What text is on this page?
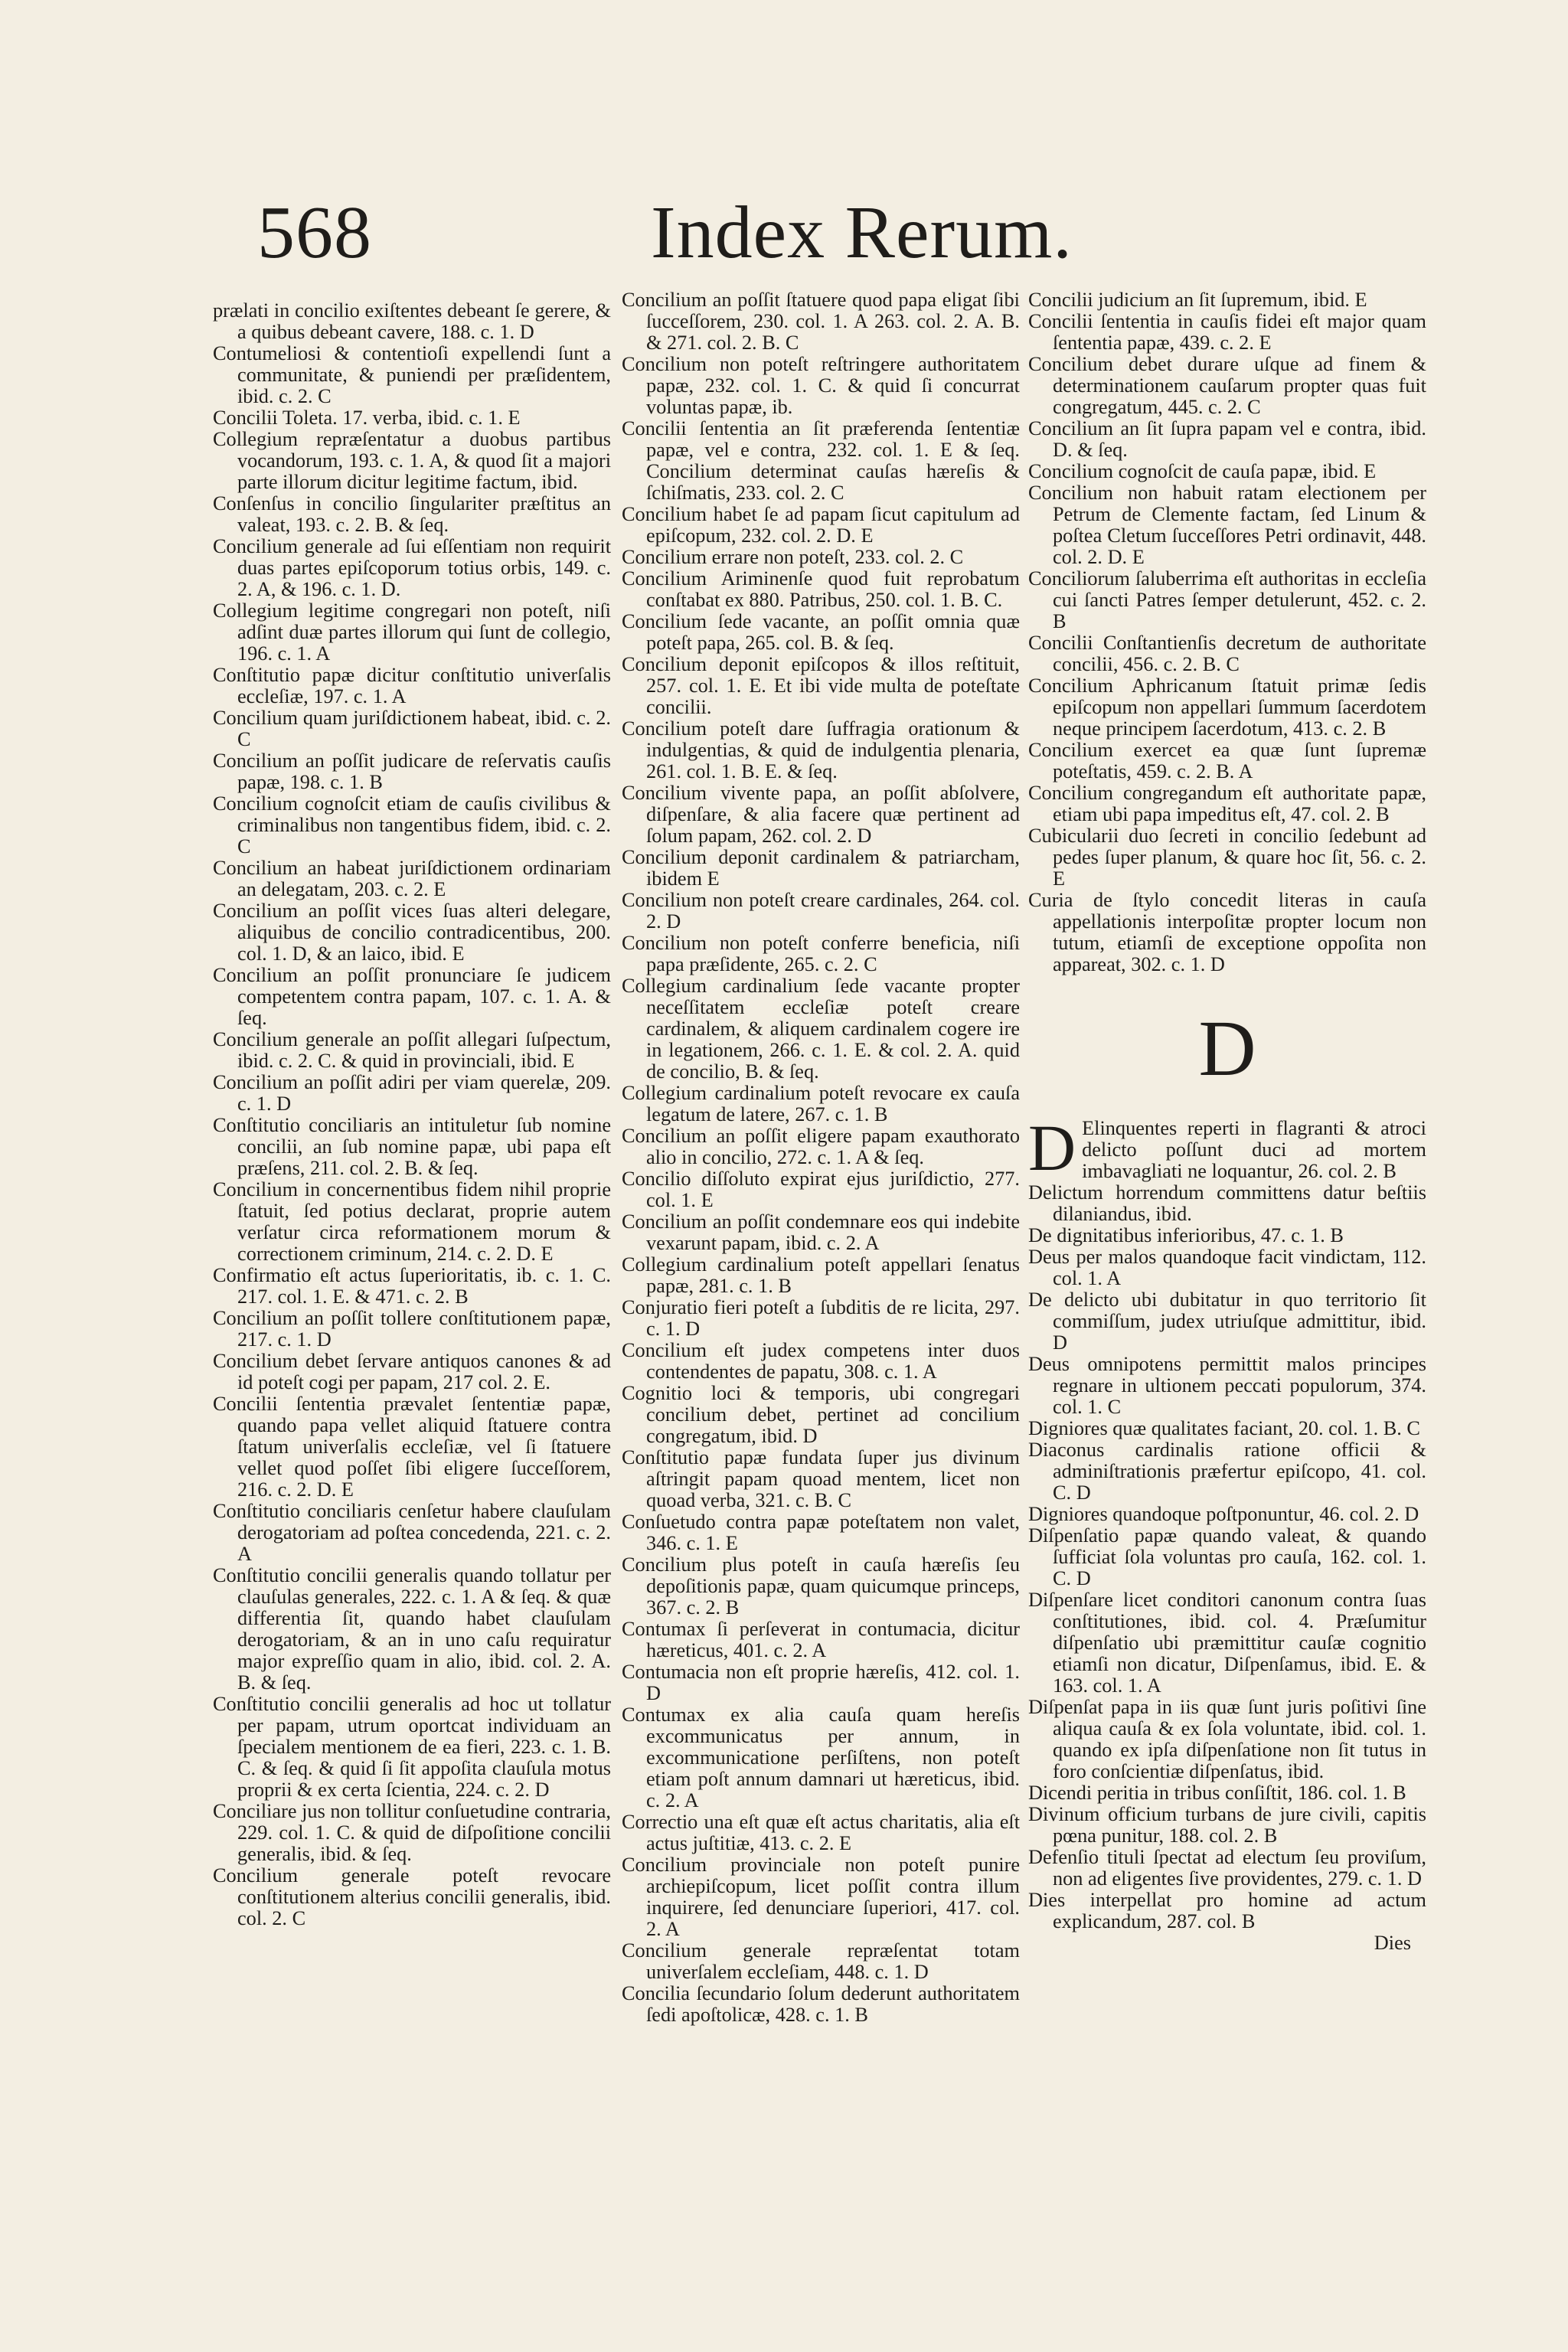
568	Index Rerum.

prælati in concilio exiſtentes debeant ſe gerere, & a quibus debeant cavere, 188. c. 1. D

Contumeliosi & contentioſi expellendi ſunt a communitate, & puniendi per præſidentem, ibid. c. 2. C

Concilii Toleta. 17. verba, ibid. c. 1. E

Collegium repræſentatur a duobus partibus vocandorum, 193. c. 1. A, & quod ſit a majori parte illorum dicitur legitime factum, ibid.

Conſenſus in concilio ſingulariter præſtitus an valeat, 193. c. 2. B. & ſeq.

Concilium generale ad ſui eſſentiam non requirit duas partes epiſcoporum totius orbis, 149. c. 2. A, & 196. c. 1. D.

Collegium legitime congregari non poteſt, niſi adſint duæ partes illorum qui ſunt de collegio, 196. c. 1. A

Conſtitutio papæ dicitur conſtitutio univerſalis eccleſiæ, 197. c. 1. A

Concilium quam juriſdictionem habeat, ibid. c. 2. C

Concilium an poſſit judicare de reſervatis cauſis papæ, 198. c. 1. B

Concilium cognoſcit etiam de cauſis civilibus & criminalibus non tangentibus fidem, ibid. c. 2. C

Concilium an habeat juriſdictionem ordinariam an delegatam, 203. c. 2. E

Concilium an poſſit vices ſuas alteri delegare, aliquibus de concilio contradicentibus, 200. col. 1. D, & an laico, ibid. E

Concilium an poſſit pronunciare ſe judicem competentem contra papam, 107. c. 1. A. & ſeq.

Concilium generale an poſſit allegari ſuſpectum, ibid. c. 2. C. & quid in provinciali, ibid. E

Concilium an poſſit adiri per viam querelæ, 209. c. 1. D

Conſtitutio conciliaris an intituletur ſub nomine concilii, an ſub nomine papæ, ubi papa eſt præſens, 211. col. 2. B. & ſeq.

Concilium in concernentibus fidem nihil proprie ſtatuit, ſed potius declarat, proprie autem verſatur circa reformationem morum & correctionem criminum, 214. c. 2. D. E

Confirmatio eſt actus ſuperioritatis, ib. c. 1. C. 217. col. 1. E. & 471. c. 2. B

Concilium an poſſit tollere conſtitutionem papæ, 217. c. 1. D

Concilium debet ſervare antiquos canones & ad id poteſt cogi per papam, 217 col. 2. E.

Concilii ſententia prævalet ſententiæ papæ, quando papa vellet aliquid ſtatuere contra ſtatum univerſalis eccleſiæ, vel ſi ſtatuere vellet quod poſſet ſibi eligere ſucceſſorem, 216. c. 2. D. E

Conſtitutio conciliaris cenſetur habere clauſulam derogatoriam ad poſtea concedenda, 221. c. 2. A

Conſtitutio concilii generalis quando tollatur per clauſulas generales, 222. c. 1. A & ſeq. & quæ differentia ſit, quando habet clauſulam derogatoriam, & an in uno caſu requiratur major expreſſio quam in alio, ibid. col. 2. A. B. & ſeq.

Conſtitutio concilii generalis ad hoc ut tollatur per papam, utrum oportcat individuam an ſpecialem mentionem de ea fieri, 223. c. 1. B. C. & ſeq. & quid ſi ſit appoſita clauſula motus proprii & ex certa ſcientia, 224. c. 2. D

Conciliare jus non tollitur conſuetudine contraria, 229. col. 1. C. & quid de diſpoſitione concilii generalis, ibid. & ſeq.

Concilium generale poteſt revocare conſtitutionem alterius concilii generalis, ibid. col. 2. C

Concilium an poſſit ſtatuere quod papa eligat ſibi ſucceſſorem, 230. col. 1. A 263. col. 2. A. B. & 271. col. 2. B. C

Concilium non poteſt reſtringere authoritatem papæ, 232. col. 1. C. & quid ſi concurrat voluntas papæ, ib.

Concilii ſententia an ſit præferenda ſententiæ papæ, vel e contra, 232. col. 1. E & ſeq. Concilium determinat cauſas hæreſis & ſchiſmatis, 233. col. 2. C

Concilium habet ſe ad papam ſicut capitulum ad epiſcopum, 232. col. 2. D. E

Concilium errare non poteſt, 233. col. 2. C

Concilium Ariminenſe quod fuit reprobatum conſtabat ex 880. Patribus, 250. col. 1. B. C.

Concilium ſede vacante, an poſſit omnia quæ poteſt papa, 265. col. B. & ſeq.

Concilium deponit epiſcopos & illos reſtituit, 257. col. 1. E. Et ibi vide multa de poteſtate concilii.

Concilium poteſt dare ſuffragia orationum & indulgentias, & quid de indulgentia plenaria, 261. col. 1. B. E. & ſeq.

Concilium vivente papa, an poſſit abſolvere, diſpenſare, & alia facere quæ pertinent ad ſolum papam, 262. col. 2. D

Concilium deponit cardinalem & patriarcham, ibidem E

Concilium non poteſt creare cardinales, 264. col. 2. D

Concilium non poteſt conferre beneficia, niſi papa præſidente, 265. c. 2. C

Collegium cardinalium ſede vacante propter neceſſitatem eccleſiæ poteſt creare cardinalem, & aliquem cardinalem cogere ire in legationem, 266. c. 1. E. & col. 2. A. quid de concilio, B. & ſeq.

Collegium cardinalium poteſt revocare ex cauſa legatum de latere, 267. c. 1. B

Concilium an poſſit eligere papam exauthorato alio in concilio, 272. c. 1. A & ſeq.

Concilio diſſoluto expirat ejus juriſdictio, 277. col. 1. E

Concilium an poſſit condemnare eos qui indebite vexarunt papam, ibid. c. 2. A

Collegium cardinalium poteſt appellari ſenatus papæ, 281. c. 1. B

Conjuratio fieri poteſt a ſubditis de re licita, 297. c. 1. D

Concilium eſt judex competens inter duos contendentes de papatu, 308. c. 1. A

Cognitio loci & temporis, ubi congregari concilium debet, pertinet ad concilium congregatum, ibid. D

Conſtitutio papæ fundata ſuper jus divinum aſtringit papam quoad mentem, licet non quoad verba, 321. c. B. C

Conſuetudo contra papæ poteſtatem non valet, 346. c. 1. E

Concilium plus poteſt in cauſa hæreſis ſeu depoſitionis papæ, quam quicumque princeps, 367. c. 2. B

Contumax ſi perſeverat in contumacia, dicitur hæreticus, 401. c. 2. A

Contumacia non eſt proprie hæreſis, 412. col. 1. D

Contumax ex alia cauſa quam hereſis excommunicatus per annum, in excommunicatione perſiſtens, non poteſt etiam poſt annum damnari ut hæreticus, ibid. c. 2. A

Correctio una eſt quæ eſt actus charitatis, alia eſt actus juſtitiæ, 413. c. 2. E

Concilium provinciale non poteſt punire archiepiſcopum, licet poſſit contra illum inquirere, ſed denunciare ſuperiori, 417. col. 2. A

Concilium generale repræſentat totam univerſalem eccleſiam, 448. c. 1. D

Concilia ſecundario ſolum dederunt authoritatem ſedi apoſtolicæ, 428. c. 1. B

Concilii judicium an ſit ſupremum, ibid. E

Concilii ſententia in cauſis fidei eſt major quam ſententia papæ, 439. c. 2. E

Concilium debet durare uſque ad finem & determinationem cauſarum propter quas fuit congregatum, 445. c. 2. C

Concilium an ſit ſupra papam vel e contra, ibid. D. & ſeq.

Concilium cognoſcit de cauſa papæ, ibid. E

Concilium non habuit ratam electionem per Petrum de Clemente factam, ſed Linum & poſtea Cletum ſucceſſores Petri ordinavit, 448. col. 2. D. E

Conciliorum ſaluberrima eſt authoritas in eccleſia cui ſancti Patres ſemper detulerunt, 452. c. 2. B

Concilii Conſtantienſis decretum de authoritate concilii, 456. c. 2. B. C

Concilium Aphricanum ſtatuit primæ ſedis epiſcopum non appellari ſummum ſacerdotem neque principem ſacerdotum, 413. c. 2. B

Concilium exercet ea quæ ſunt ſupremæ poteſtatis, 459. c. 2. B. A

Concilium congregandum eſt authoritate papæ, etiam ubi papa impeditus eſt, 47. col. 2. B

Cubicularii duo ſecreti in concilio ſedebunt ad pedes ſuper planum, & quare hoc ſit, 56. c. 2. E

Curia de ſtylo concedit literas in cauſa appellationis interpoſitæ propter locum non tutum, etiamſi de exceptione oppoſita non appareat, 302. c. 1. D

D

D Elinquentes reperti in flagranti & atroci delicto poſſunt duci ad mortem imbavagliati ne loquantur, 26. col. 2. B

Delictum horrendum committens datur beſtiis dilaniandus, ibid.

De dignitatibus inferioribus, 47. c. 1. B

Deus per malos quandoque facit vindictam, 112. col. 1. A

De delicto ubi dubitatur in quo territorio ſit commiſſum, judex utriuſque admittitur, ibid. D

Deus omnipotens permittit malos principes regnare in ultionem peccati populorum, 374. col. 1. C

Digniores quæ qualitates faciant, 20. col. 1. B. C

Diaconus cardinalis ratione officii & adminiſtrationis præfertur epiſcopo, 41. col. C. D

Digniores quandoque poſtponuntur, 46. col. 2. D

Diſpenſatio papæ quando valeat, & quando ſufficiat ſola voluntas pro cauſa, 162. col. 1. C. D

Diſpenſare licet conditori canonum contra ſuas conſtitutiones, ibid. col. 4. Præſumitur diſpenſatio ubi præmittitur cauſæ cognitio etiamſi non dicatur, Diſpenſamus, ibid. E. & 163. col. 1. A

Diſpenſat papa in iis quæ ſunt juris poſitivi ſine aliqua cauſa & ex ſola voluntate, ibid. col. 1. quando ex ipſa diſpenſatione non ſit tutus in foro conſcientiæ diſpenſatus, ibid.

Dicendi peritia in tribus conſiſtit, 186. col. 1. B

Divinum officium turbans de jure civili, capitis pœna punitur, 188. col. 2. B

Defenſio tituli ſpectat ad electum ſeu proviſum, non ad eligentes ſive providentes, 279. c. 1. D

Dies interpellat pro homine ad actum explicandum, 287. col. B

Dies
